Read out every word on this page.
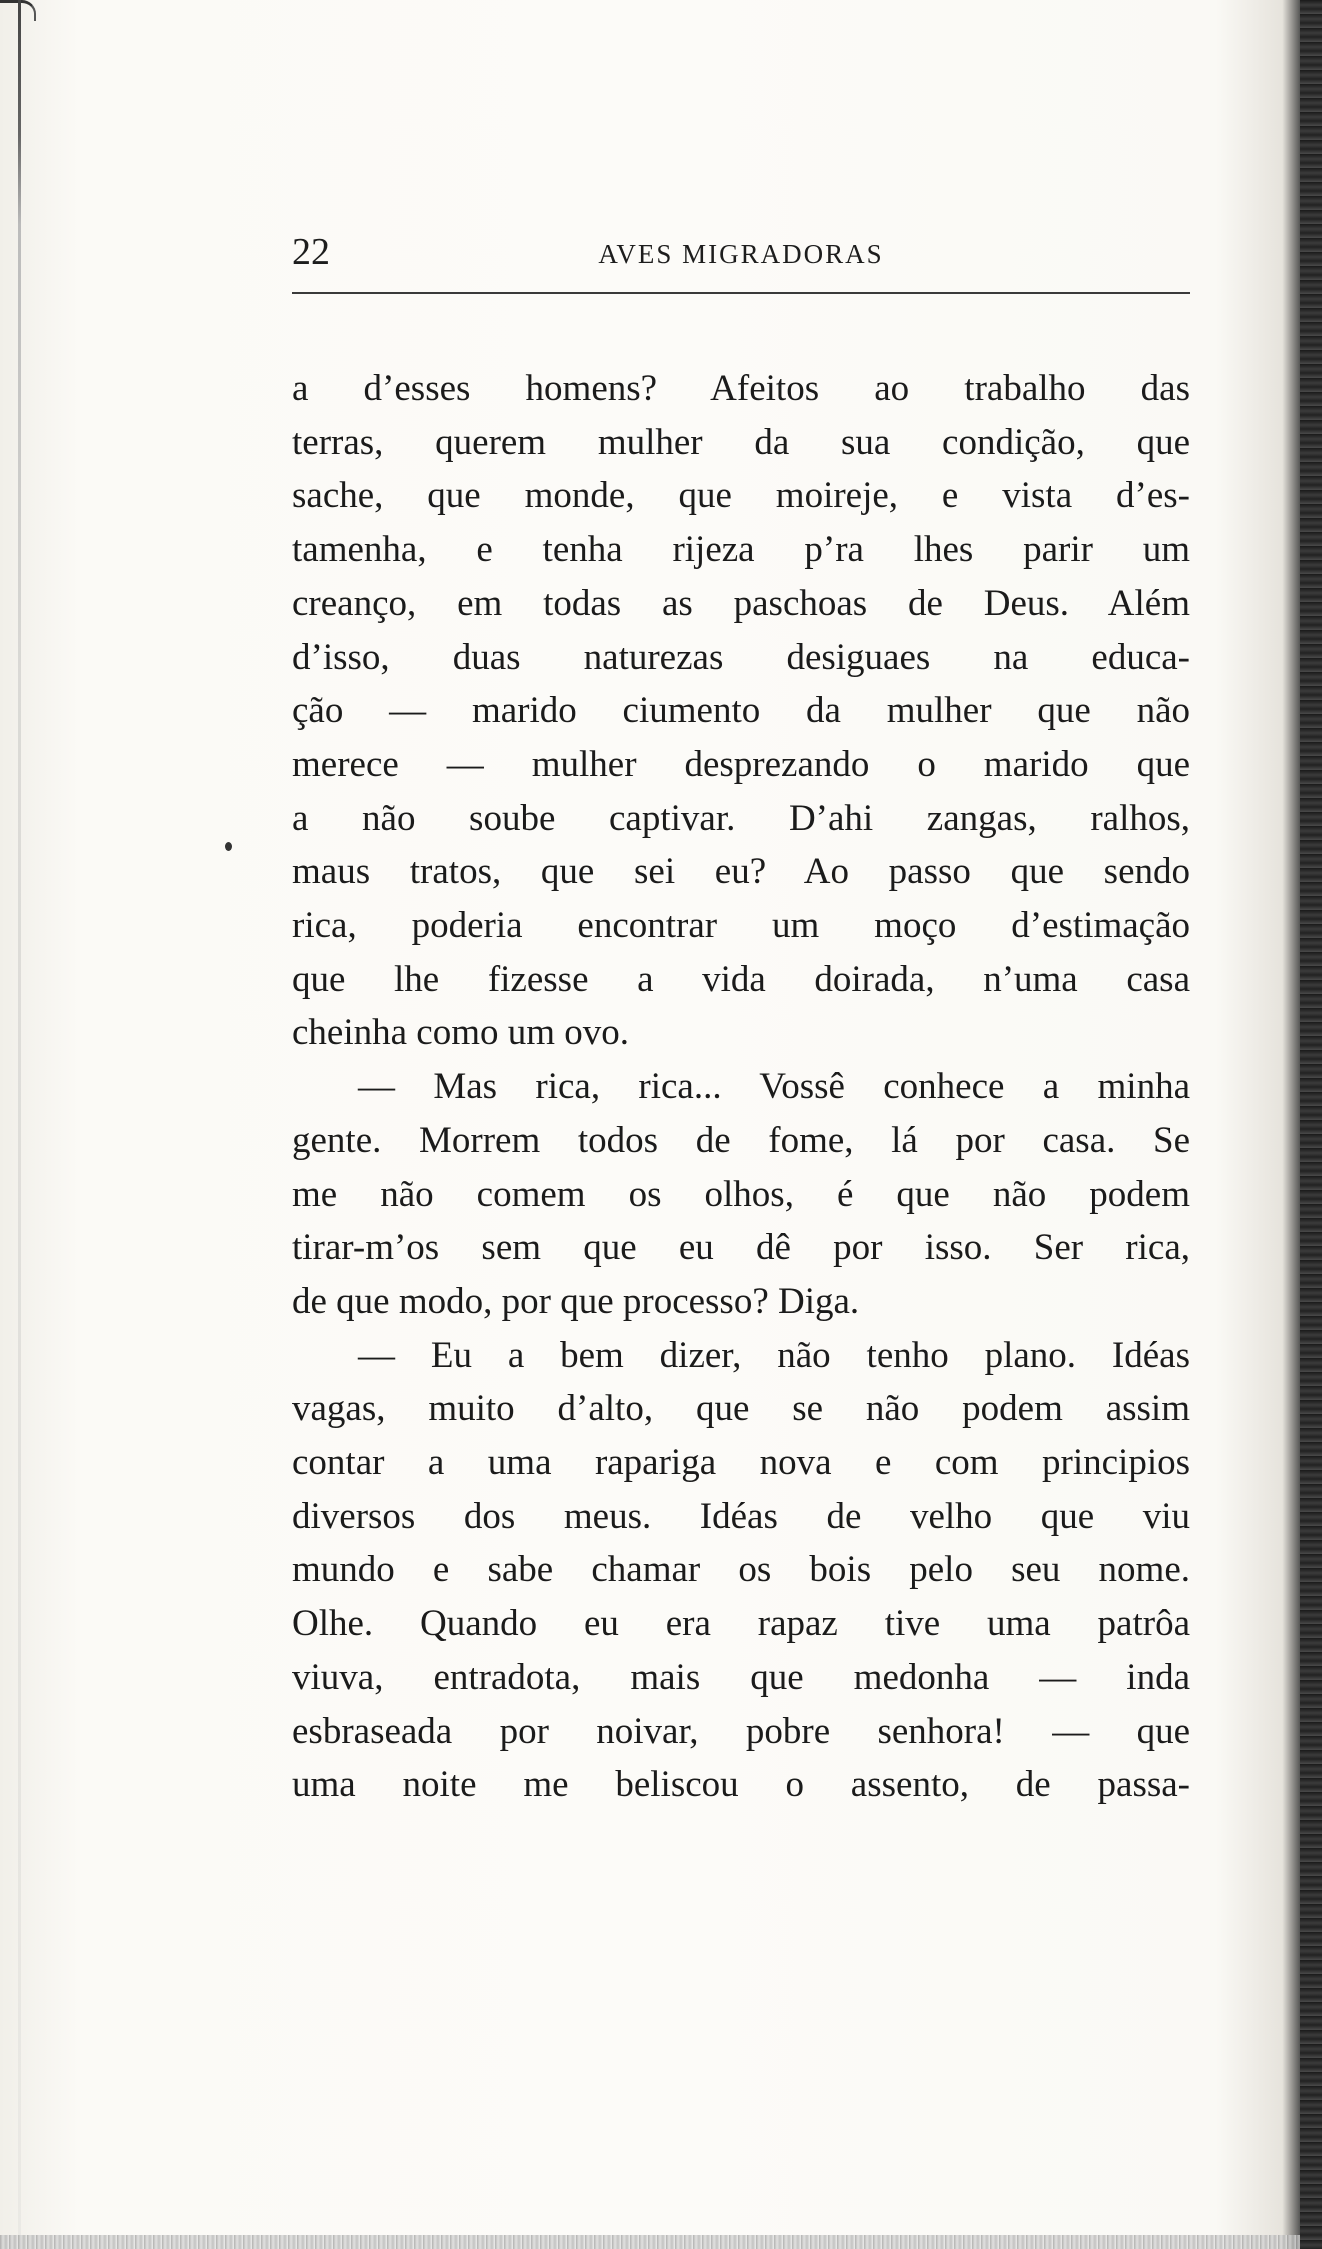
22	AVES MIGRADORAS
a d’esses homens? Afeitos ao trabalho das
terras, querem mulher da sua condição, que
sache, que monde, que moireje, e vista d’es-
tamenha, e tenha rijeza p’ra lhes parir um
creanço, em todas as paschoas de Deus. Além
d’isso, duas naturezas desiguaes na educa-
ção — marido ciumento da mulher que não
merece — mulher desprezando o marido que
a não soube captivar. D’ahi zangas, ralhos,
maus tratos, que sei eu? Ao passo que sendo
rica, poderia encontrar um moço d’estimação
que lhe fizesse a vida doirada, n’uma casa
cheinha como um ovo.
— Mas rica, rica... Vossê conhece a minha
gente. Morrem todos de fome, lá por casa. Se
me não comem os olhos, é que não podem
tirar-m’os sem que eu dê por isso. Ser rica,
de que modo, por que processo? Diga.
— Eu a bem dizer, não tenho plano. Idéas
vagas, muito d’alto, que se não podem assim
contar a uma rapariga nova e com principios
diversos dos meus. Idéas de velho que viu
mundo e sabe chamar os bois pelo seu nome.
Olhe. Quando eu era rapaz tive uma patrôa
viuva, entradota, mais que medonha — inda
esbraseada por noivar, pobre senhora! — que
uma noite me beliscou o assento, de passa-
